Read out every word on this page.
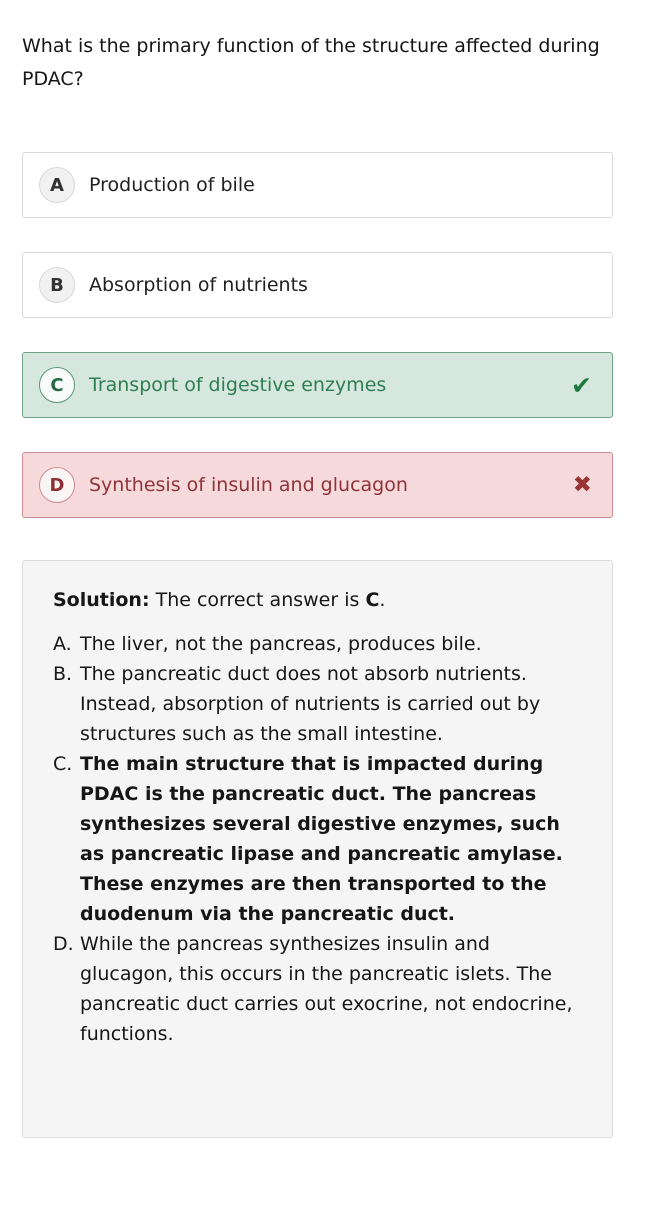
What is the primary function of the structure affected during PDAC?
A	Production of bile
B	Absorption of nutrients
C	Transport of digestive enzymes	✔
D	Synthesis of insulin and glucagon	✖

Solution: The correct answer is C.

A. The liver, not the pancreas, produces bile.
B. The pancreatic duct does not absorb nutrients. Instead, absorption of nutrients is carried out by structures such as the small intestine.
C. The main structure that is impacted during PDAC is the pancreatic duct. The pancreas synthesizes several digestive enzymes, such as pancreatic lipase and pancreatic amylase. These enzymes are then transported to the duodenum via the pancreatic duct.
D. While the pancreas synthesizes insulin and glucagon, this occurs in the pancreatic islets. The pancreatic duct carries out exocrine, not endocrine, functions.
